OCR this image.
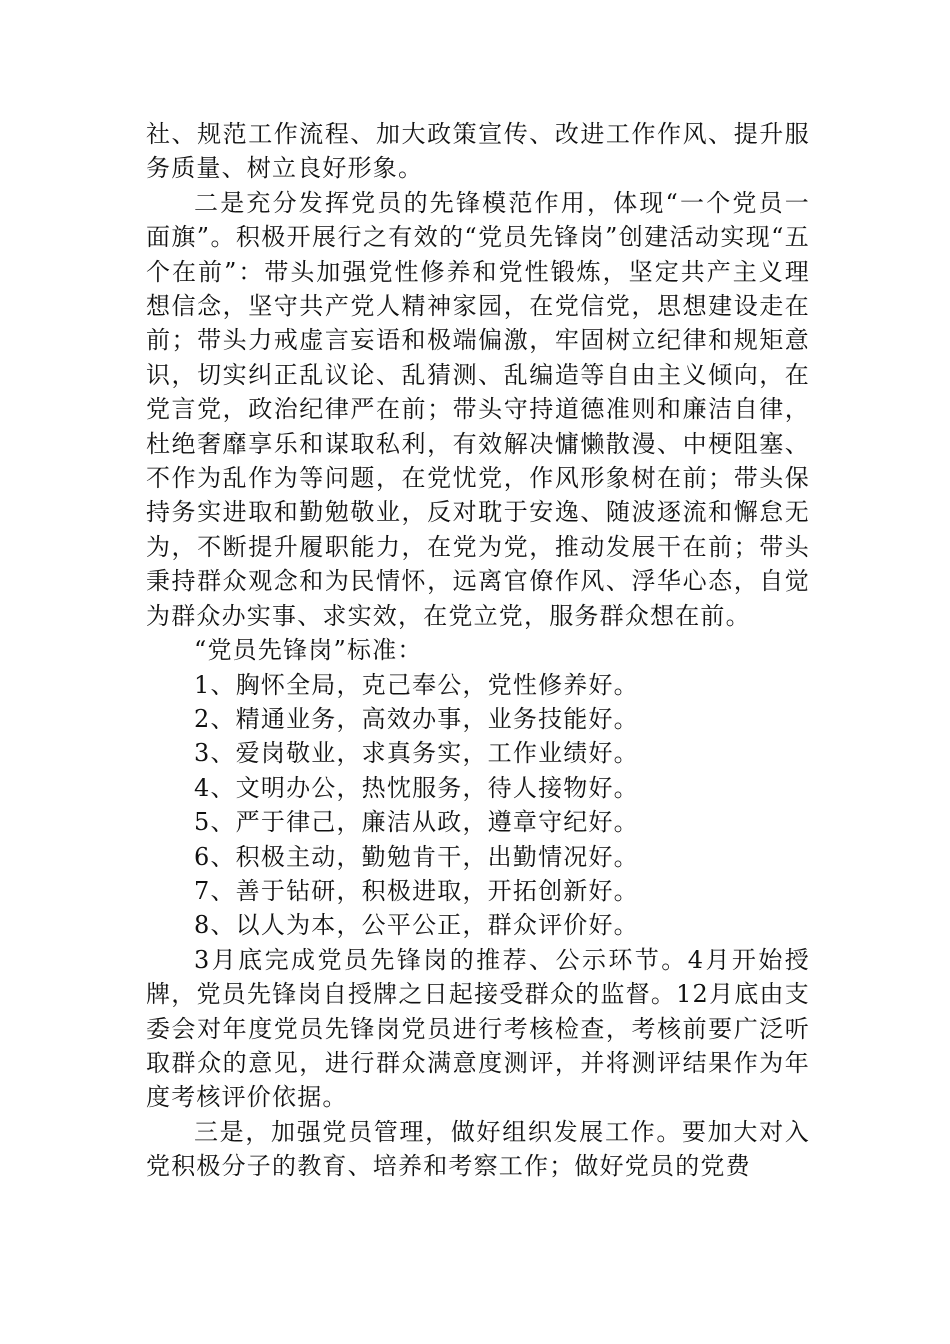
社、规范工作流程、加大政策宣传、改进工作作风、提升服务质量、树立良好形象。

二是充分发挥党员的先锋模范作用，体现“一个党员一面旗”。积极开展行之有效的“党员先锋岗”创建活动实现“五个在前”：带头加强党性修养和党性锻炼，坚定共产主义理想信念，坚守共产党人精神家园，在党信党，思想建设走在前；带头力戒虚言妄语和极端偏激，牢固树立纪律和规矩意识，切实纠正乱议论、乱猜测、乱编造等自由主义倾向，在党言党，政治纪律严在前；带头守持道德准则和廉洁自律，杜绝奢靡享乐和谋取私利，有效解决慵懒散漫、中梗阻塞、不作为乱作为等问题，在党忧党，作风形象树在前；带头保持务实进取和勤勉敬业，反对耽于安逸、随波逐流和懈怠无为，不断提升履职能力，在党为党，推动发展干在前；带头秉持群众观念和为民情怀，远离官僚作风、浮华心态，自觉为群众办实事、求实效，在党立党，服务群众想在前。

“党员先锋岗”标准：

1、胸怀全局，克己奉公，党性修养好。

2、精通业务，高效办事，业务技能好。

3、爱岗敬业，求真务实，工作业绩好。

4、文明办公，热忱服务，待人接物好。

5、严于律己，廉洁从政，遵章守纪好。

6、积极主动，勤勉肯干，出勤情况好。

7、善于钻研，积极进取，开拓创新好。

8、以人为本，公平公正，群众评价好。

3月底完成党员先锋岗的推荐、公示环节。4月开始授牌，党员先锋岗自授牌之日起接受群众的监督。12月底由支委会对年度党员先锋岗党员进行考核检查，考核前要广泛听取群众的意见，进行群众满意度测评，并将测评结果作为年度考核评价依据。

三是，加强党员管理，做好组织发展工作。要加大对入党积极分子的教育、培养和考察工作；做好党员的党费
